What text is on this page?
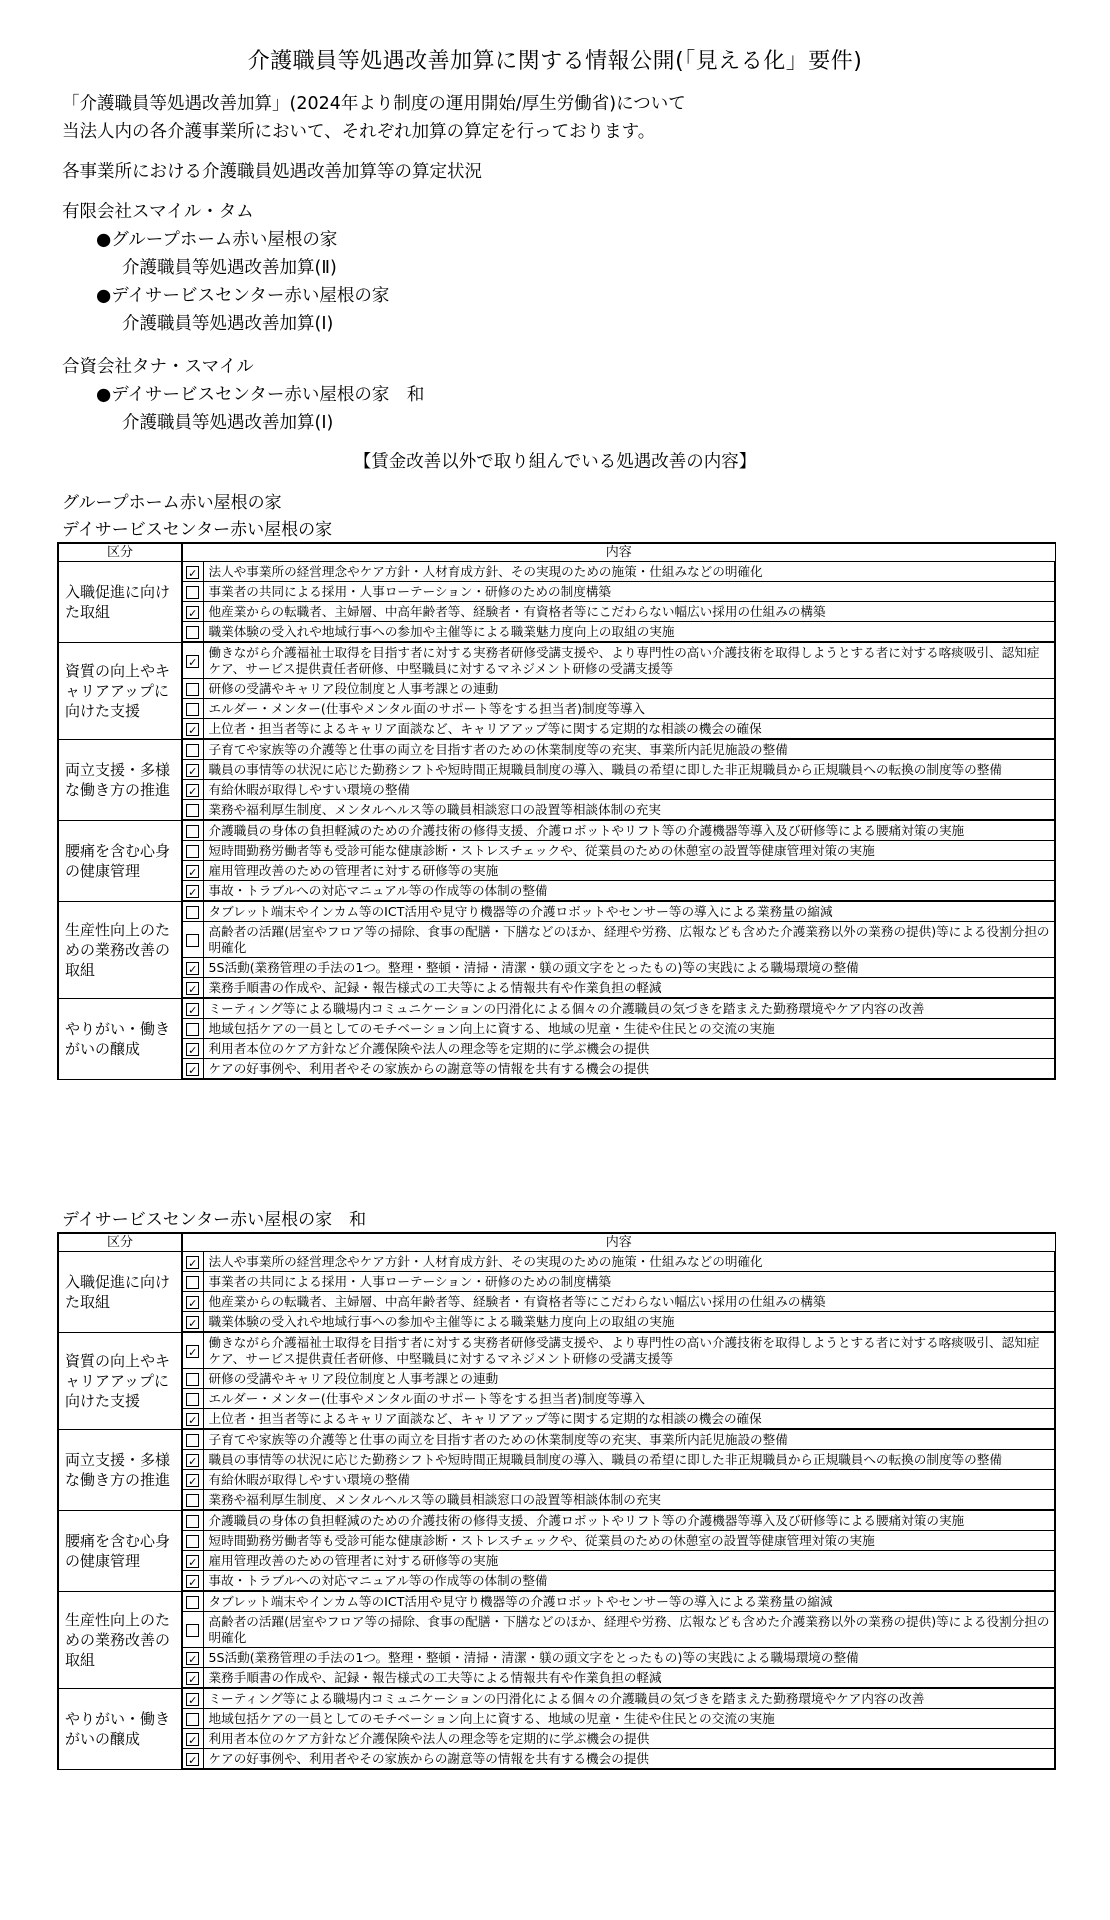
介護職員等処遇改善加算に関する情報公開(「見える化」要件)
「介護職員等処遇改善加算」(2024年より制度の運用開始/厚生労働省)について
当法人内の各介護事業所において、それぞれ加算の算定を行っております。
各事業所における介護職員処遇改善加算等の算定状況
有限会社スマイル・タム
●グループホーム赤い屋根の家
介護職員等処遇改善加算(Ⅱ)
●デイサービスセンター赤い屋根の家
介護職員等処遇改善加算(Ⅰ)
合資会社タナ・スマイル
●デイサービスセンター赤い屋根の家　和
介護職員等処遇改善加算(Ⅰ)
【賃金改善以外で取り組んでいる処遇改善の内容】
グループホーム赤い屋根の家
デイサービスセンター赤い屋根の家
区分	内容	
入職促進に向けた取組	✓	法人や事業所の経営理念やケア方針・人材育成方針、その実現のための施策・仕組みなどの明確化
		事業者の共同による採用・人事ローテーション・研修のための制度構築
	✓	他産業からの転職者、主婦層、中高年齢者等、経験者・有資格者等にこだわらない幅広い採用の仕組みの構築
		職業体験の受入れや地域行事への参加や主催等による職業魅力度向上の取組の実施
資質の向上やキャリアアップに向けた支援	✓	働きながら介護福祉士取得を目指す者に対する実務者研修受講支援や、より専門性の高い介護技術を取得しようとする者に対する喀痰吸引、認知症ケア、サービス提供責任者研修、中堅職員に対するマネジメント研修の受講支援等
		研修の受講やキャリア段位制度と人事考課との連動
		エルダー・メンター(仕事やメンタル面のサポート等をする担当者)制度等導入
	✓	上位者・担当者等によるキャリア面談など、キャリアアップ等に関する定期的な相談の機会の確保
両立支援・多様な働き方の推進		子育てや家族等の介護等と仕事の両立を目指す者のための休業制度等の充実、事業所内託児施設の整備
	✓	職員の事情等の状況に応じた勤務シフトや短時間正規職員制度の導入、職員の希望に即した非正規職員から正規職員への転換の制度等の整備
	✓	有給休暇が取得しやすい環境の整備
		業務や福利厚生制度、メンタルヘルス等の職員相談窓口の設置等相談体制の充実
腰痛を含む心身の健康管理		介護職員の身体の負担軽減のための介護技術の修得支援、介護ロボットやリフト等の介護機器等導入及び研修等による腰痛対策の実施
		短時間勤務労働者等も受診可能な健康診断・ストレスチェックや、従業員のための休憩室の設置等健康管理対策の実施
	✓	雇用管理改善のための管理者に対する研修等の実施
	✓	事故・トラブルへの対応マニュアル等の作成等の体制の整備
生産性向上のための業務改善の取組		タブレット端末やインカム等のICT活用や見守り機器等の介護ロボットやセンサー等の導入による業務量の縮減
		高齢者の活躍(居室やフロア等の掃除、食事の配膳・下膳などのほか、経理や労務、広報なども含めた介護業務以外の業務の提供)等による役割分担の明確化
	✓	5S活動(業務管理の手法の1つ。整理・整頓・清掃・清潔・躾の頭文字をとったもの)等の実践による職場環境の整備
	✓	業務手順書の作成や、記録・報告様式の工夫等による情報共有や作業負担の軽減
やりがい・働きがいの醸成	✓	ミーティング等による職場内コミュニケーションの円滑化による個々の介護職員の気づきを踏まえた勤務環境やケア内容の改善
		地域包括ケアの一員としてのモチベーション向上に資する、地域の児童・生徒や住民との交流の実施
	✓	利用者本位のケア方針など介護保険や法人の理念等を定期的に学ぶ機会の提供
	✓	ケアの好事例や、利用者やその家族からの謝意等の情報を共有する機会の提供
デイサービスセンター赤い屋根の家　和
区分	内容	
入職促進に向けた取組	✓	法人や事業所の経営理念やケア方針・人材育成方針、その実現のための施策・仕組みなどの明確化
		事業者の共同による採用・人事ローテーション・研修のための制度構築
	✓	他産業からの転職者、主婦層、中高年齢者等、経験者・有資格者等にこだわらない幅広い採用の仕組みの構築
	✓	職業体験の受入れや地域行事への参加や主催等による職業魅力度向上の取組の実施
資質の向上やキャリアアップに向けた支援	✓	働きながら介護福祉士取得を目指す者に対する実務者研修受講支援や、より専門性の高い介護技術を取得しようとする者に対する喀痰吸引、認知症ケア、サービス提供責任者研修、中堅職員に対するマネジメント研修の受講支援等
		研修の受講やキャリア段位制度と人事考課との連動
		エルダー・メンター(仕事やメンタル面のサポート等をする担当者)制度等導入
	✓	上位者・担当者等によるキャリア面談など、キャリアアップ等に関する定期的な相談の機会の確保
両立支援・多様な働き方の推進		子育てや家族等の介護等と仕事の両立を目指す者のための休業制度等の充実、事業所内託児施設の整備
	✓	職員の事情等の状況に応じた勤務シフトや短時間正規職員制度の導入、職員の希望に即した非正規職員から正規職員への転換の制度等の整備
	✓	有給休暇が取得しやすい環境の整備
		業務や福利厚生制度、メンタルヘルス等の職員相談窓口の設置等相談体制の充実
腰痛を含む心身の健康管理		介護職員の身体の負担軽減のための介護技術の修得支援、介護ロボットやリフト等の介護機器等導入及び研修等による腰痛対策の実施
		短時間勤務労働者等も受診可能な健康診断・ストレスチェックや、従業員のための休憩室の設置等健康管理対策の実施
	✓	雇用管理改善のための管理者に対する研修等の実施
	✓	事故・トラブルへの対応マニュアル等の作成等の体制の整備
生産性向上のための業務改善の取組		タブレット端末やインカム等のICT活用や見守り機器等の介護ロボットやセンサー等の導入による業務量の縮減
		高齢者の活躍(居室やフロア等の掃除、食事の配膳・下膳などのほか、経理や労務、広報なども含めた介護業務以外の業務の提供)等による役割分担の明確化
	✓	5S活動(業務管理の手法の1つ。整理・整頓・清掃・清潔・躾の頭文字をとったもの)等の実践による職場環境の整備
	✓	業務手順書の作成や、記録・報告様式の工夫等による情報共有や作業負担の軽減
やりがい・働きがいの醸成	✓	ミーティング等による職場内コミュニケーションの円滑化による個々の介護職員の気づきを踏まえた勤務環境やケア内容の改善
		地域包括ケアの一員としてのモチベーション向上に資する、地域の児童・生徒や住民との交流の実施
	✓	利用者本位のケア方針など介護保険や法人の理念等を定期的に学ぶ機会の提供
	✓	ケアの好事例や、利用者やその家族からの謝意等の情報を共有する機会の提供
